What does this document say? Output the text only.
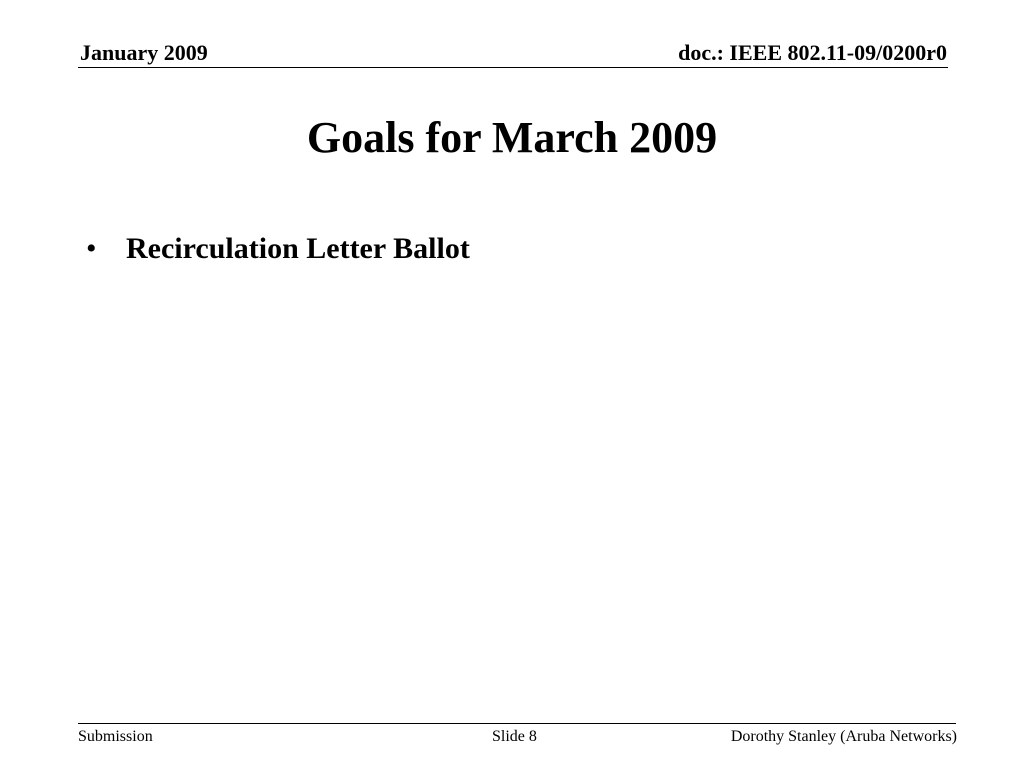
January 2009	doc.: IEEE 802.11-09/0200r0
Goals for March 2009
• Recirculation Letter Ballot
Submission	Slide 8	Dorothy Stanley (Aruba Networks)
